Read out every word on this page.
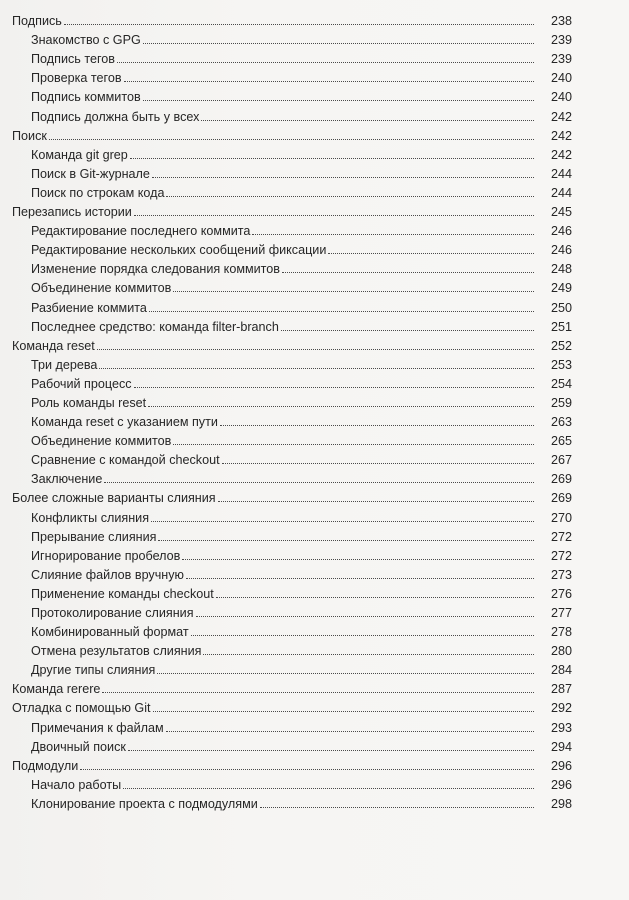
Подпись	238
Знакомство с GPG	239
Подпись тегов	239
Проверка тегов	240
Подпись коммитов	240
Подпись должна быть у всех	242
Поиск	242
Команда git grep	242
Поиск в Git-журнале	244
Поиск по строкам кода	244
Перезапись истории	245
Редактирование последнего коммита	246
Редактирование нескольких сообщений фиксации	246
Изменение порядка следования коммитов	248
Объединение коммитов	249
Разбиение коммита	250
Последнее средство: команда filter-branch	251
Команда reset	252
Три дерева	253
Рабочий процесс	254
Роль команды reset	259
Команда reset с указанием пути	263
Объединение коммитов	265
Сравнение с командой checkout	267
Заключение	269
Более сложные варианты слияния	269
Конфликты слияния	270
Прерывание слияния	272
Игнорирование пробелов	272
Слияние файлов вручную	273
Применение команды checkout	276
Протоколирование слияния	277
Комбинированный формат	278
Отмена результатов слияния	280
Другие типы слияния	284
Команда rerere	287
Отладка с помощью Git	292
Примечания к файлам	293
Двоичный поиск	294
Подмодули	296
Начало работы	296
Клонирование проекта с подмодулями	298
